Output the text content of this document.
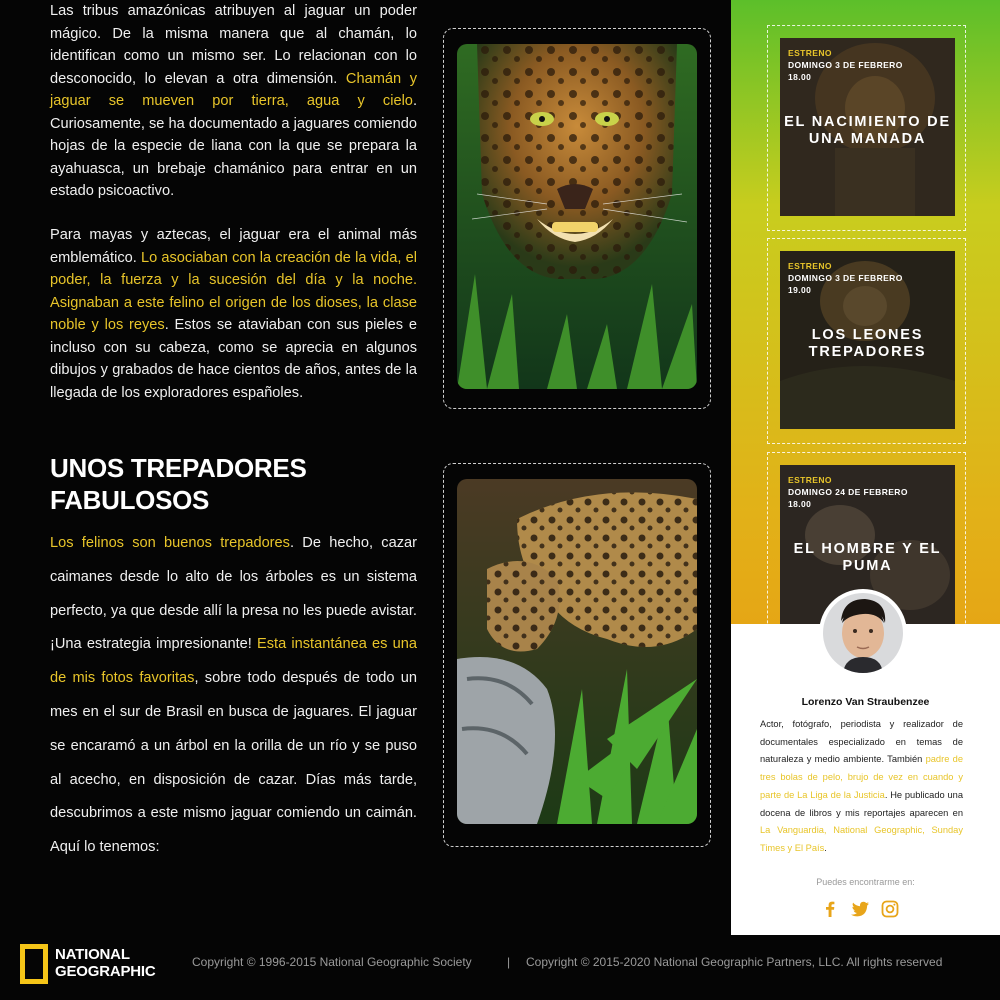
Las tribus amazónicas atribuyen al jaguar un poder mágico. De la misma manera que al chamán, lo identifican como un mismo ser. Lo relacionan con lo desconocido, lo elevan a otra dimensión. Chamán y jaguar se mueven por tierra, agua y cielo. Curiosamente, se ha documentado a jaguares comiendo hojas de la especie de liana con la que se prepara la ayahuasca, un brebaje chamánico para entrar en un estado psicoactivo.

Para mayas y aztecas, el jaguar era el animal más emblemático. Lo asociaban con la creación de la vida, el poder, la fuerza y la sucesión del día y la noche. Asignaban a este felino el origen de los dioses, la clase noble y los reyes. Estos se ataviaban con sus pieles e incluso con su cabeza, como se aprecia en algunos dibujos y grabados de hace cientos de años, antes de la llegada de los exploradores españoles.

UNOS TREPADORES FABULOSOS

Los felinos son buenos trepadores. De hecho, cazar caimanes desde lo alto de los árboles es un sistema perfecto, ya que desde allí la presa no les puede avistar. ¡Una estrategia impresionante! Esta instantánea es una de mis fotos favoritas, sobre todo después de todo un mes en el sur de Brasil en busca de jaguares. El jaguar se encaramó a un árbol en la orilla de un río y se puso al acecho, en disposición de cazar. Días más tarde, descubrimos a este mismo jaguar comiendo un caimán. Aquí lo tenemos:

ESTRENO
DOMINGO 3 DE FEBRERO
18.00
EL NACIMIENTO DE UNA MANADA
ESTRENO
DOMINGO 3 DE FEBRERO
19.00
LOS LEONES TREPADORES
ESTRENO
DOMINGO 24 DE FEBRERO
18.00
EL HOMBRE Y EL PUMA
Lorenzo Van Straubenzee

Actor, fotógrafo, periodista y realizador de documentales especializado en temas de naturaleza y medio ambiente. También padre de tres bolas de pelo, brujo de vez en cuando y parte de La Liga de la Justicia. He publicado una docena de libros y mis reportajes aparecen en La Vanguardia, National Geographic, Sunday Times y El País.

Puedes encontrarme en:
NATIONAL
GEOGRAPHIC
Copyright © 1996-2015 National Geographic Society	| Copyright © 2015-2020 National Geographic Partners, LLC. All rights reserved
